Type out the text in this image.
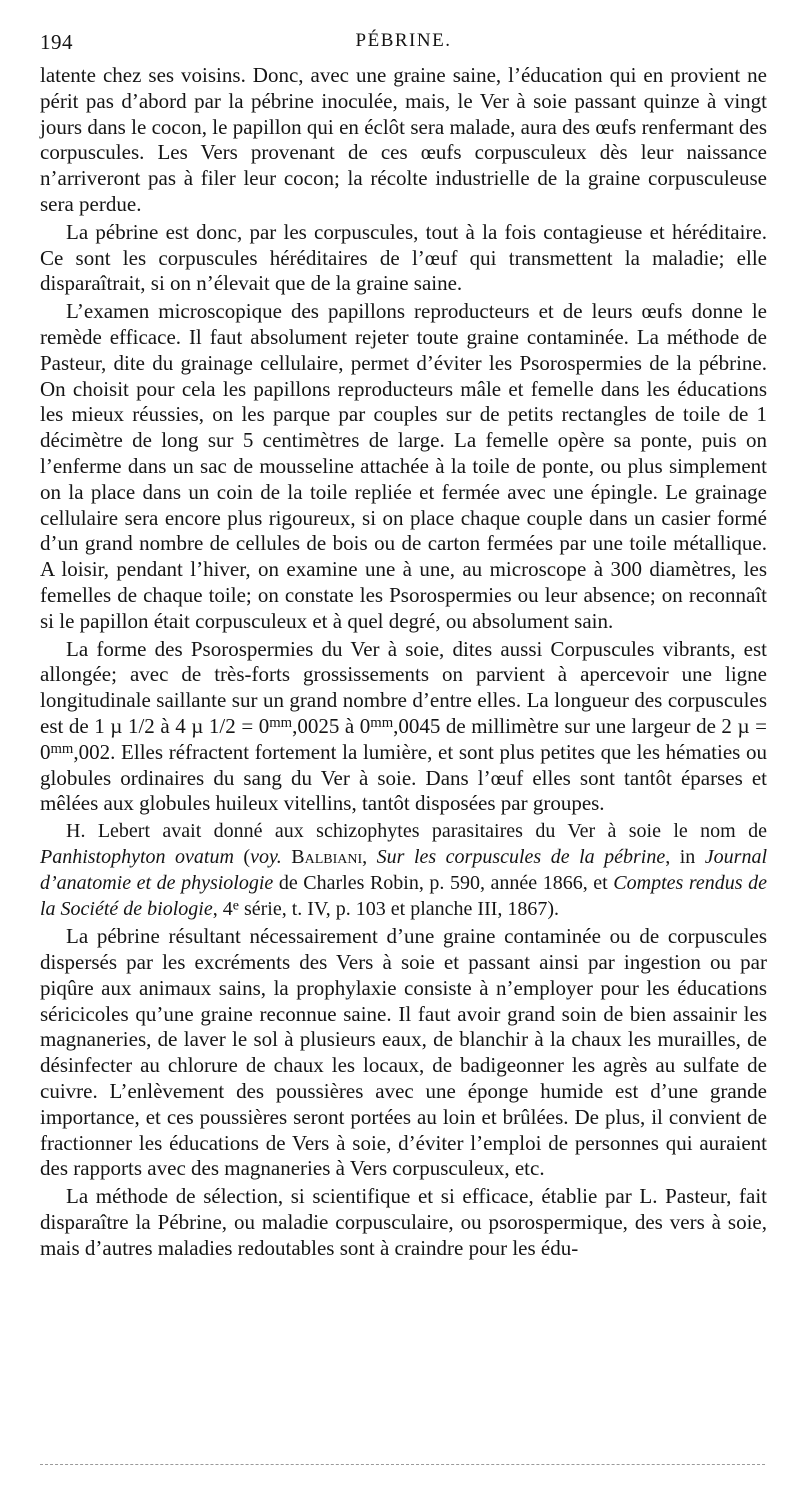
194	PÉBRINE.

latente chez ses voisins. Donc, avec une graine saine, l’éducation qui en provient ne périt pas d’abord par la pébrine inoculée, mais, le Ver à soie passant quinze à vingt jours dans le cocon, le papillon qui en éclôt sera malade, aura des œufs renfermant des corpuscules. Les Vers provenant de ces œufs corpusculeux dès leur naissance n’arriveront pas à filer leur cocon; la récolte industrielle de la graine corpusculeuse sera perdue.

La pébrine est donc, par les corpuscules, tout à la fois contagieuse et héréditaire. Ce sont les corpuscules héréditaires de l’œuf qui transmettent la maladie; elle disparaîtrait, si on n’élevait que de la graine saine.

L’examen microscopique des papillons reproducteurs et de leurs œufs donne le remède efficace. Il faut absolument rejeter toute graine contaminée. La méthode de Pasteur, dite du grainage cellulaire, permet d’éviter les Psorospermies de la pébrine. On choisit pour cela les papillons reproducteurs mâle et femelle dans les éducations les mieux réussies, on les parque par couples sur de petits rectangles de toile de 1 décimètre de long sur 5 centimètres de large. La femelle opère sa ponte, puis on l’enferme dans un sac de mousseline attachée à la toile de ponte, ou plus simplement on la place dans un coin de la toile repliée et fermée avec une épingle. Le grainage cellulaire sera encore plus rigoureux, si on place chaque couple dans un casier formé d’un grand nombre de cellules de bois ou de carton fermées par une toile métallique. A loisir, pendant l’hiver, on examine une à une, au microscope à 300 diamètres, les femelles de chaque toile; on constate les Psorospermies ou leur absence; on reconnaît si le papillon était corpusculeux et à quel degré, ou absolument sain.

La forme des Psorospermies du Ver à soie, dites aussi Corpuscules vibrants, est allongée; avec de très-forts grossissements on parvient à apercevoir une ligne longitudinale saillante sur un grand nombre d’entre elles. La longueur des corpuscules est de 1 µ 1/2 à 4 µ $1/2 = 0^{mm},0025$ à $0^{mm},0045$ de millimètre sur une largeur de 2 $\mu = 0^{mm},002$. Elles réfractent fortement la lumière, et sont plus petites que les hématies ou globules ordinaires du sang du Ver à soie. Dans l’œuf elles sont tantôt éparses et mêlées aux globules huileux vitellins, tantôt disposées par groupes.

H. Lebert avait donné aux schizophytes parasitaires du Ver à soie le nom de Panhistophyton ovatum (voy. Balbiani, Sur les corpuscules de la pébrine, in Journal d’anatomie et de physiologie de Charles Robin, p. 590, année 1866, et Comptes rendus de la Société de biologie, 4e série, t. IV, p. 103 et planche III, 1867).

La pébrine résultant nécessairement d’une graine contaminée ou de corpuscules dispersés par les excréments des Vers à soie et passant ainsi par ingestion ou par piqûre aux animaux sains, la prophylaxie consiste à n’employer pour les éducations séricicoles qu’une graine reconnue saine. Il faut avoir grand soin de bien assainir les magnaneries, de laver le sol à plusieurs eaux, de blanchir à la chaux les murailles, de désinfecter au chlorure de chaux les locaux, de badigeonner les agrès au sulfate de cuivre. L’enlèvement des poussières avec une éponge humide est d’une grande importance, et ces poussières seront portées au loin et brûlées. De plus, il convient de fractionner les éducations de Vers à soie, d’éviter l’emploi de personnes qui auraient des rapports avec des magnaneries à Vers corpusculeux, etc.

La méthode de sélection, si scientifique et si efficace, établie par L. Pasteur, fait disparaître la Pébrine, ou maladie corpusculaire, ou psorospermique, des vers à soie, mais d’autres maladies redoutables sont à craindre pour les édu-
